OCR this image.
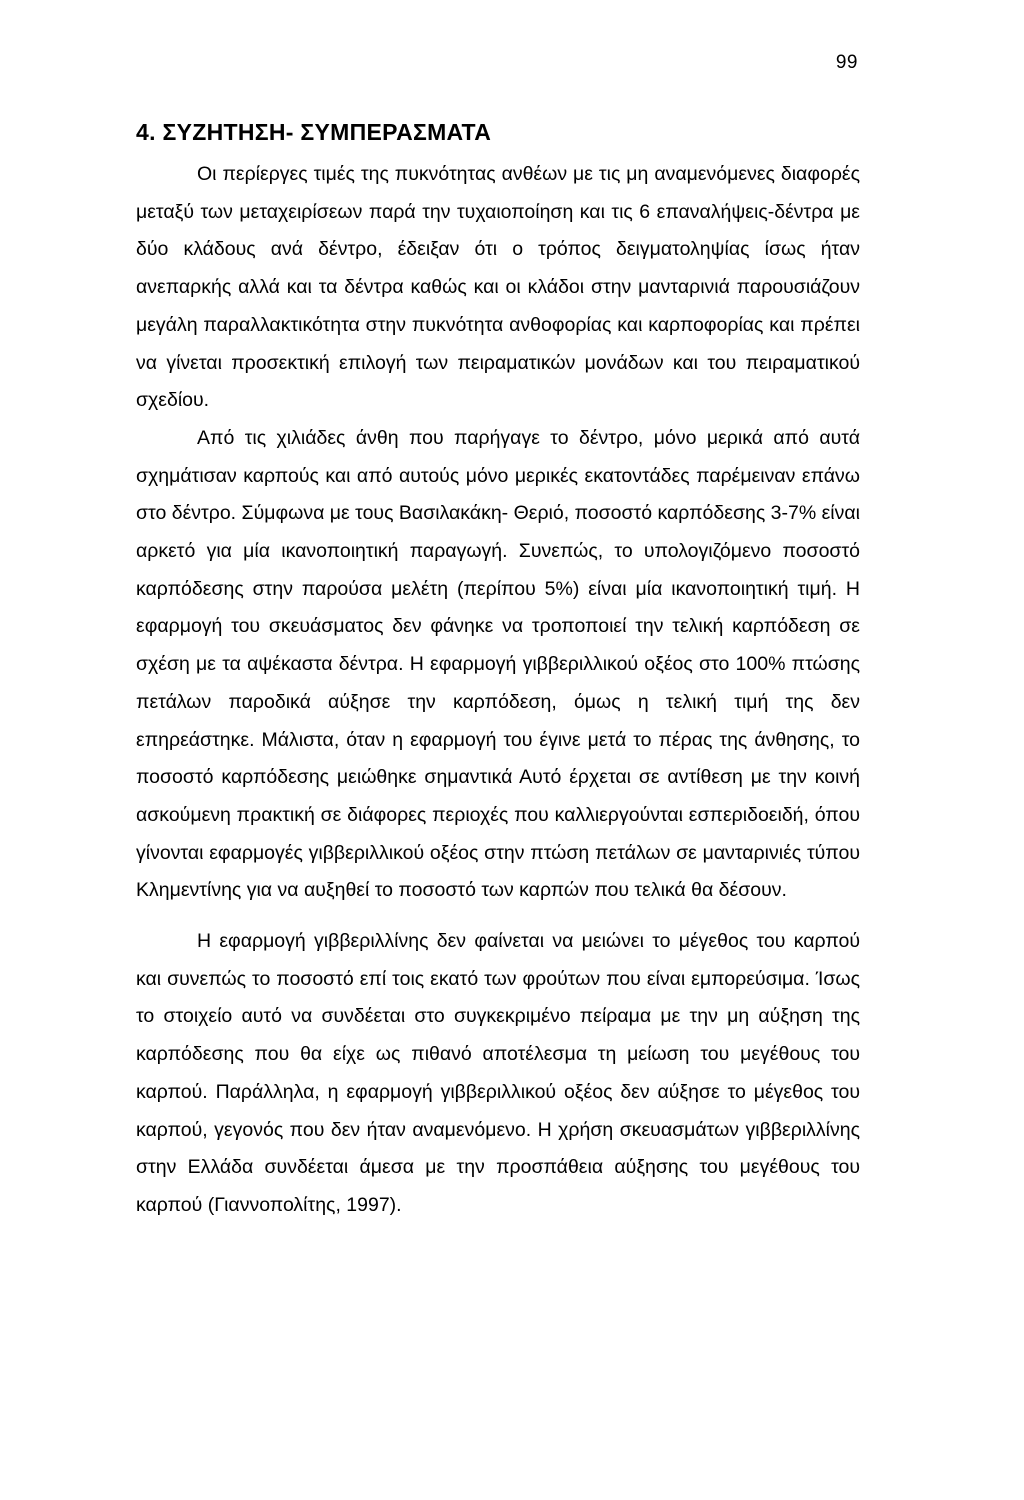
99
4. ΣΥΖΗΤΗΣΗ- ΣΥΜΠΕΡΑΣΜΑΤΑ

Οι περίεργες τιμές της πυκνότητας ανθέων με τις μη αναμενόμενες διαφορές μεταξύ των μεταχειρίσεων παρά την τυχαιοποίηση και τις 6 επαναλήψεις-δέντρα με δύο κλάδους ανά δέντρο, έδειξαν ότι ο τρόπος δειγματοληψίας ίσως ήταν ανεπαρκής αλλά και τα δέντρα καθώς και οι κλάδοι στην μανταρινιά παρουσιάζουν μεγάλη παραλλακτικότητα στην πυκνότητα ανθοφορίας και καρποφορίας και πρέπει να γίνεται προσεκτική επιλογή των πειραματικών μονάδων και του πειραματικού σχεδίου.

Από τις χιλιάδες άνθη που παρήγαγε το δέντρο, μόνο μερικά από αυτά σχημάτισαν καρπούς και από αυτούς μόνο μερικές εκατοντάδες παρέμειναν επάνω στο δέντρο. Σύμφωνα με τους Βασιλακάκη- Θεριό, ποσοστό καρπόδεσης 3-7% είναι αρκετό για μία ικανοποιητική παραγωγή. Συνεπώς, το υπολογιζόμενο ποσοστό καρπόδεσης στην παρούσα μελέτη (περίπου 5%) είναι μία ικανοποιητική τιμή. Η εφαρμογή του σκευάσματος δεν φάνηκε να τροποποιεί την τελική καρπόδεση σε σχέση με τα αψέκαστα δέντρα. Η εφαρμογή γιββεριλλικού οξέος στο 100% πτώσης πετάλων παροδικά αύξησε την καρπόδεση, όμως η τελική τιμή της δεν επηρεάστηκε. Μάλιστα, όταν η εφαρμογή του έγινε μετά το πέρας της άνθησης, το ποσοστό καρπόδεσης μειώθηκε σημαντικά Αυτό έρχεται σε αντίθεση με την κοινή ασκούμενη πρακτική σε διάφορες περιοχές που καλλιεργούνται εσπεριδοειδή, όπου γίνονται εφαρμογές γιββεριλλικού οξέος στην πτώση πετάλων σε μανταρινιές τύπου Κλημεντίνης για να αυξηθεί το ποσοστό των καρπών που τελικά θα δέσουν.

Η εφαρμογή γιββεριλλίνης δεν φαίνεται να μειώνει το μέγεθος του καρπού και συνεπώς το ποσοστό επί τοις εκατό των φρούτων που είναι εμπορεύσιμα. Ίσως το στοιχείο αυτό να συνδέεται στο συγκεκριμένο πείραμα με την μη αύξηση της καρπόδεσης που θα είχε ως πιθανό αποτέλεσμα τη μείωση του μεγέθους του καρπού. Παράλληλα, η εφαρμογή γιββεριλλικού οξέος δεν αύξησε το μέγεθος του καρπού, γεγονός που δεν ήταν αναμενόμενο. Η χρήση σκευασμάτων γιββεριλλίνης στην Ελλάδα συνδέεται άμεσα με την προσπάθεια αύξησης του μεγέθους του καρπού (Γιαννοπολίτης, 1997).
